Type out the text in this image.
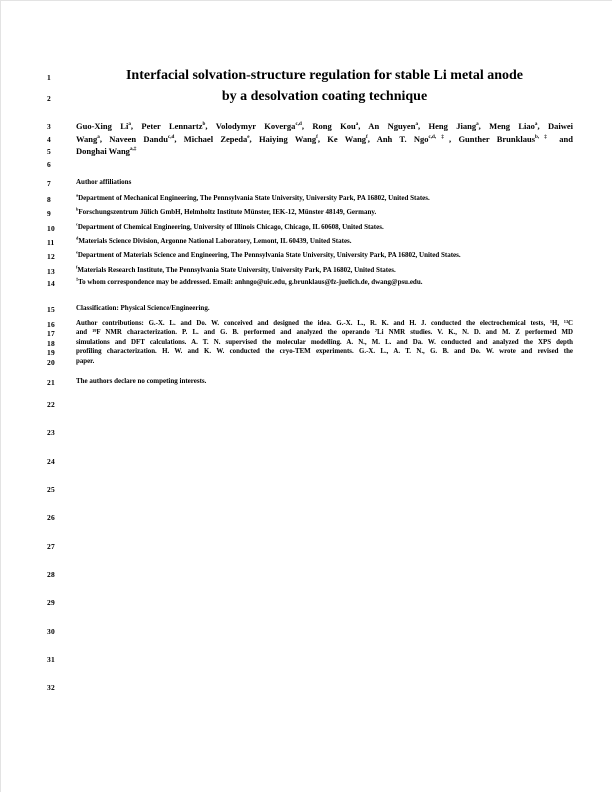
1
2
3
4
5
6
7
8
9
10
11
12
13
14
15
16
17
18
19
20
21
22
23
24
25
26
27
28
29
30
31
32
Interfacial solvation-structure regulation for stable Li metal anode
by a desolvation coating technique
Guo-Xing Li$^a$, Peter Lennartz$^b$, Volodymyr Koverga$^{c,d}$, Rong Kou$^a$, An Nguyen$^a$, Heng Jiang$^a$, Meng Liao$^a$, Daiwei
Wang$^a$, Naveen Dandu$^{c,d}$, Michael Zepeda$^e$, Haiying Wang$^f$, Ke Wang$^f$, Anh T. Ngo$^{c,d,\ddagger}$, Gunther Brunklaus$^{b,\ddagger}$ and
Donghai Wang$^{a,\ddagger}$
Author affiliations
$^a$Department of Mechanical Engineering, The Pennsylvania State University, University Park, PA 16802, United States.
$^b$Forschungszentrum Jülich GmbH, Helmholtz Institute Münster, IEK-12, Münster 48149, Germany.
$^c$Department of Chemical Engineering, University of Illinois Chicago, Chicago, IL 60608, United States.
$^d$Materials Science Division, Argonne National Laboratory, Lemont, IL 60439, United States.
$^e$Department of Materials Science and Engineering, The Pennsylvania State University, University Park, PA 16802, United States.
$^f$Materials Research Institute, The Pennsylvania State University, University Park, PA 16802, United States.
‡To whom correspondence may be addressed. Email: anhngo@uic.edu, g.brunklaus@fz-juelich.de, dwang@psu.edu.
Classification: Physical Science/Engineering.
Author contributions: G.-X. L. and Do. W. conceived and designed the idea. G.-X. L., R. K. and H. J. conducted the electrochemical tests, ¹H, ¹³C
and ¹⁹F NMR characterization. P. L. and G. B. performed and analyzed the operando ⁷Li NMR studies. V. K., N. D. and M. Z performed MD
simulations and DFT calculations. A. T. N. supervised the molecular modelling. A. N., M. L. and Da. W. conducted and analyzed the XPS depth
profiling characterization. H. W. and K. W. conducted the cryo-TEM experiments. G.-X. L., A. T. N., G. B. and Do. W. wrote and revised the
paper.
The authors declare no competing interests.
